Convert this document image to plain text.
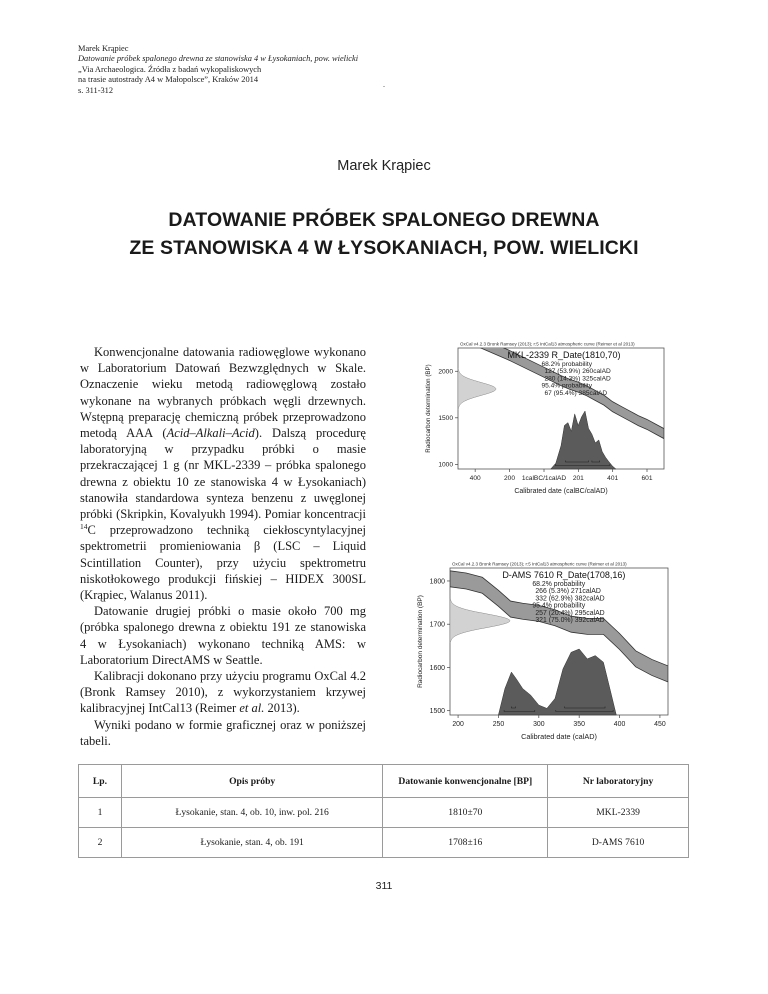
Marek Krąpiec
Datowanie próbek spalonego drewna ze stanowiska 4 w Łysokaniach, pow. wielicki
„Via Archaeologica. Źródła z badań wykopaliskowych
na trasie autostrady A4 w Małopolsce”, Kraków 2014
s. 311-312
.
Marek Krąpiec
DATOWANIE PRÓBEK SPALONEGO DREWNA
ZE STANOWISKA 4 W ŁYSOKANIACH, POW. WIELICKI

Konwencjonalne datowania radiowęglowe wykonano w Laboratorium Datowań Bezwzględnych w Skale. Oznaczenie wieku metodą radiowęglową zostało wykonane na wybranych próbkach węgli drzewnych. Wstępną preparację chemiczną próbek przeprowadzono metodą AAA (Acid–Alkali–Acid). Dalszą procedurę laboratoryjną w przypadku próbki o masie przekraczającej 1 g (nr MKL-2339 – próbka spalonego drewna z obiektu 10 ze stanowiska 4 w Łysokaniach) stanowiła standardowa synteza benzenu z uwęglonej próbki (Skripkin, Kovalyukh 1994). Pomiar koncentracji $^{14}$C przeprowadzono techniką ciekłoscyntylacyjnej spektrometrii promieniowania β (LSC – Liquid Scintillation Counter), przy użyciu spektrometru niskotłokowego produkcji fińskiej – HIDEX 300SL (Krąpiec, Walanus 2011).

Datowanie drugiej próbki o masie około 700 mg (próbka spalonego drewna z obiektu 191 ze stanowiska 4 w Łysokaniach) wykonano techniką AMS: w Laboratorium DirectAMS w Seattle.

Kalibracji dokonano przy użyciu programu OxCal 4.2 (Bronk Ramsey 2010), z wykorzystaniem krzywej kalibracyjnej IntCal13 (Reimer et al. 2013).

Wyniki podano w formie graficznej oraz w poniższej tabeli.

OxCal v4.2.3 Bronk Ramsey (2013); r:5 IntCal13 atmospheric curve (Reimer et al 2013)
400	200 1calBC/1calAD 201	401	601
1000
1500
2000
Calibrated date (calBC/calAD)
Radiocarbon determination (BP)
MKL-2339 R_Date(1810,70)
68.2% probability
127 (53.9%) 260calAD
280 (14.3%) 325calAD
95.4% probability
67 (95.4%) 385calAD
OxCal v4.2.3 Bronk Ramsey (2013); r:5 IntCal13 atmospheric curve (Reimer et al 2013)
200	250	300	350	400	450
1500
1600
1700
1800
Calibrated date (calAD)
Radiocarbon determination (BP)
D-AMS 7610 R_Date(1708,16)
68.2% probability
266 (5.3%) 271calAD
332 (62.9%) 382calAD
95.4% probability
257 (20.4%) 295calAD
321 (75.0%) 392calAD
Lp.	Opis próby	Datowanie konwencjonalne [BP]	Nr laboratoryjny
1	Łysokanie, stan. 4, ob. 10, inw. pol. 216	1810±70	MKL-2339
2	Łysokanie, stan. 4, ob. 191	1708±16	D-AMS 7610
311
